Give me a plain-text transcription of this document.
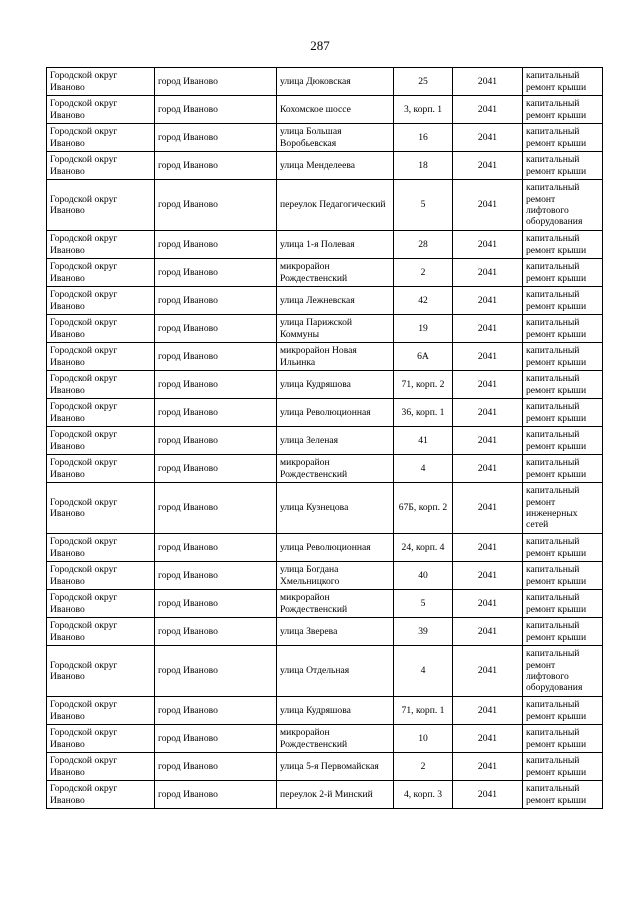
287
Городской округ Иваново	город Иваново	улица Дюковская	25	2041	капитальный ремонт крыши
Городской округ Иваново	город Иваново	Кохомское шоссе	3, корп. 1	2041	капитальный ремонт крыши
Городской округ Иваново	город Иваново	улица Большая Воробьевская	16	2041	капитальный ремонт крыши
Городской округ Иваново	город Иваново	улица Менделеева	18	2041	капитальный ремонт крыши
Городской округ Иваново	город Иваново	переулок Педагогический	5	2041	капитальный ремонт лифтового оборудования
Городской округ Иваново	город Иваново	улица 1-я Полевая	28	2041	капитальный ремонт крыши
Городской округ Иваново	город Иваново	микрорайон Рождественский	2	2041	капитальный ремонт крыши
Городской округ Иваново	город Иваново	улица Лежневская	42	2041	капитальный ремонт крыши
Городской округ Иваново	город Иваново	улица Парижской Коммуны	19	2041	капитальный ремонт крыши
Городской округ Иваново	город Иваново	микрорайон Новая Ильинка	6А	2041	капитальный ремонт крыши
Городской округ Иваново	город Иваново	улица Кудряшова	71, корп. 2	2041	капитальный ремонт крыши
Городской округ Иваново	город Иваново	улица Революционная	36, корп. 1	2041	капитальный ремонт крыши
Городской округ Иваново	город Иваново	улица Зеленая	41	2041	капитальный ремонт крыши
Городской округ Иваново	город Иваново	микрорайон Рождественский	4	2041	капитальный ремонт крыши
Городской округ Иваново	город Иваново	улица Кузнецова	67Б, корп. 2	2041	капитальный ремонт инженерных сетей
Городской округ Иваново	город Иваново	улица Революционная	24, корп. 4	2041	капитальный ремонт крыши
Городской округ Иваново	город Иваново	улица Богдана Хмельницкого	40	2041	капитальный ремонт крыши
Городской округ Иваново	город Иваново	микрорайон Рождественский	5	2041	капитальный ремонт крыши
Городской округ Иваново	город Иваново	улица Зверева	39	2041	капитальный ремонт крыши
Городской округ Иваново	город Иваново	улица Отдельная	4	2041	капитальный ремонт лифтового оборудования
Городской округ Иваново	город Иваново	улица Кудряшова	71, корп. 1	2041	капитальный ремонт крыши
Городской округ Иваново	город Иваново	микрорайон Рождественский	10	2041	капитальный ремонт крыши
Городской округ Иваново	город Иваново	улица 5-я Первомайская	2	2041	капитальный ремонт крыши
Городской округ Иваново	город Иваново	переулок 2-й Минский	4, корп. 3	2041	капитальный ремонт крыши
